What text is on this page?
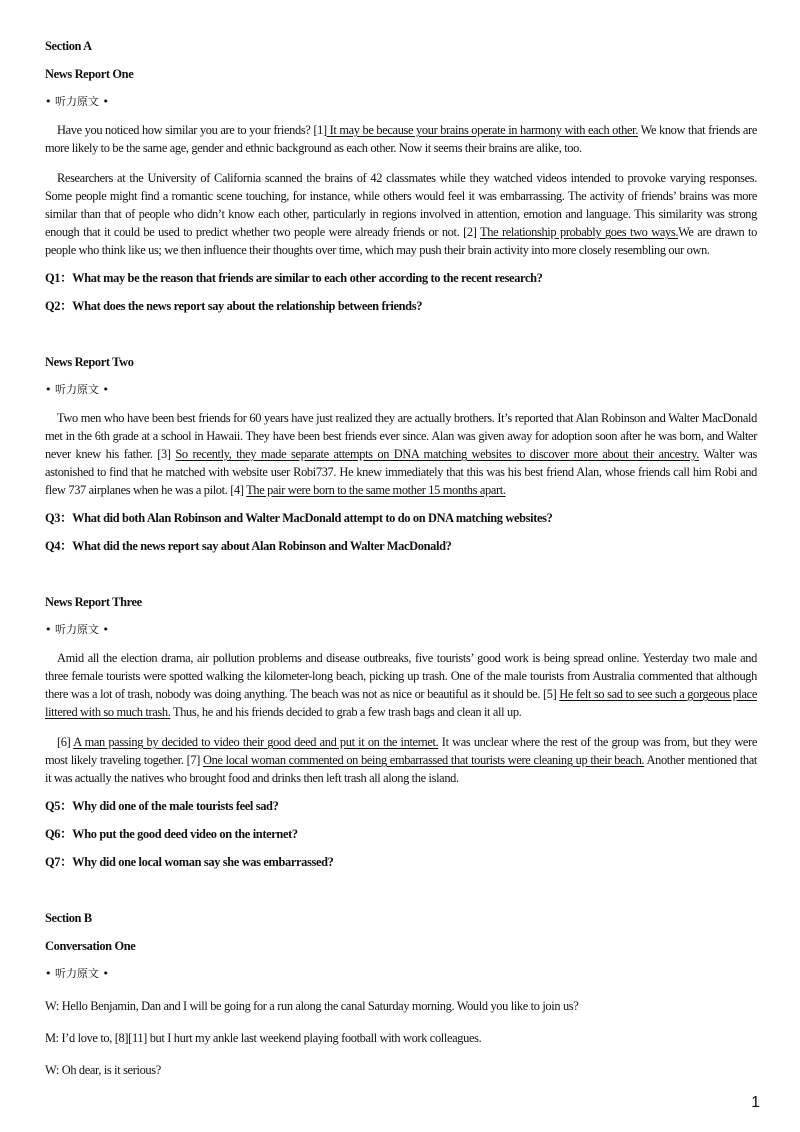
Section A

News Report One

• 听力原文 •

Have you noticed how similar you are to your friends? [1] It may be because your brains operate in harmony with each other. We know that friends are more likely to be the same age, gender and ethnic background as each other. Now it seems their brains are alike, too.

Researchers at the University of California scanned the brains of 42 classmates while they watched videos intended to provoke varying responses. Some people might find a romantic scene touching, for instance, while others would feel it was embarrassing. The activity of friends’ brains was more similar than that of people who didn’t know each other, particularly in regions involved in attention, emotion and language. This similarity was strong enough that it could be used to predict whether two people were already friends or not. [2] The relationship probably goes two ways.We are drawn to people who think like us; we then influence their thoughts over time, which may push their brain activity into more closely resembling our own.

Q1：What may be the reason that friends are similar to each other according to the recent research?

Q2：What does the news report say about the relationship between friends?

News Report Two

• 听力原文 •

Two men who have been best friends for 60 years have just realized they are actually brothers. It’s reported that Alan Robinson and Walter MacDonald met in the 6th grade at a school in Hawaii. They have been best friends ever since. Alan was given away for adoption soon after he was born, and Walter never knew his father. [3] So recently, they made separate attempts on DNA matching websites to discover more about their ancestry. Walter was astonished to find that he matched with website user Robi737. He knew immediately that this was his best friend Alan, whose friends call him Robi and flew 737 airplanes when he was a pilot. [4] The pair were born to the same mother 15 months apart.

Q3：What did both Alan Robinson and Walter MacDonald attempt to do on DNA matching websites?

Q4：What did the news report say about Alan Robinson and Walter MacDonald?

News Report Three

• 听力原文 •

Amid all the election drama, air pollution problems and disease outbreaks, five tourists’ good work is being spread online. Yesterday two male and three female tourists were spotted walking the kilometer-long beach, picking up trash. One of the male tourists from Australia commented that although there was a lot of trash, nobody was doing anything. The beach was not as nice or beautiful as it should be. [5] He felt so sad to see such a gorgeous place littered with so much trash. Thus, he and his friends decided to grab a few trash bags and clean it all up.

[6] A man passing by decided to video their good deed and put it on the internet. It was unclear where the rest of the group was from, but they were most likely traveling together. [7] One local woman commented on being embarrassed that tourists were cleaning up their beach. Another mentioned that it was actually the natives who brought food and drinks then left trash all along the island.

Q5：Why did one of the male tourists feel sad?

Q6：Who put the good deed video on the internet?

Q7：Why did one local woman say she was embarrassed?

Section B

Conversation One

• 听力原文 •

W: Hello Benjamin, Dan and I will be going for a run along the canal Saturday morning. Would you like to join us?

M: I’d love to, [8][11] but I hurt my ankle last weekend playing football with work colleagues.

W: Oh dear, is it serious?

1
